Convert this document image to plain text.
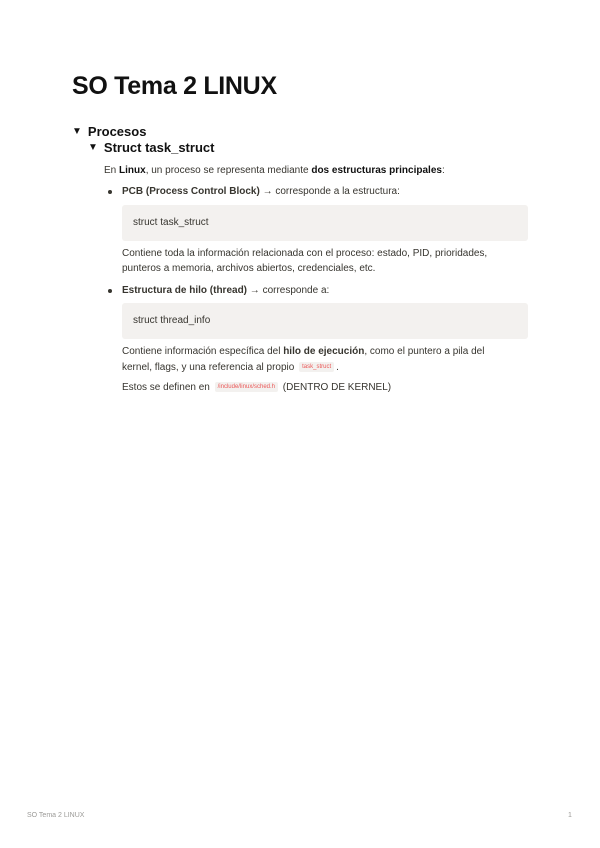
SO Tema 2 LINUX
▼ Procesos
▼ Struct task_struct
En Linux, un proceso se representa mediante dos estructuras principales:
PCB (Process Control Block) → corresponde a la estructura:
struct task_struct
Contiene toda la información relacionada con el proceso: estado, PID, prioridades,
punteros a memoria, archivos abiertos, credenciales, etc.
Estructura de hilo (thread) → corresponde a:
struct thread_info
Contiene información específica del hilo de ejecución, como el puntero a pila del
kernel, flags, y una referencia al propio task_struct .
Estos se definen en /include/linux/sched.h (DENTRO DE KERNEL)
SO Tema 2 LINUX	1
